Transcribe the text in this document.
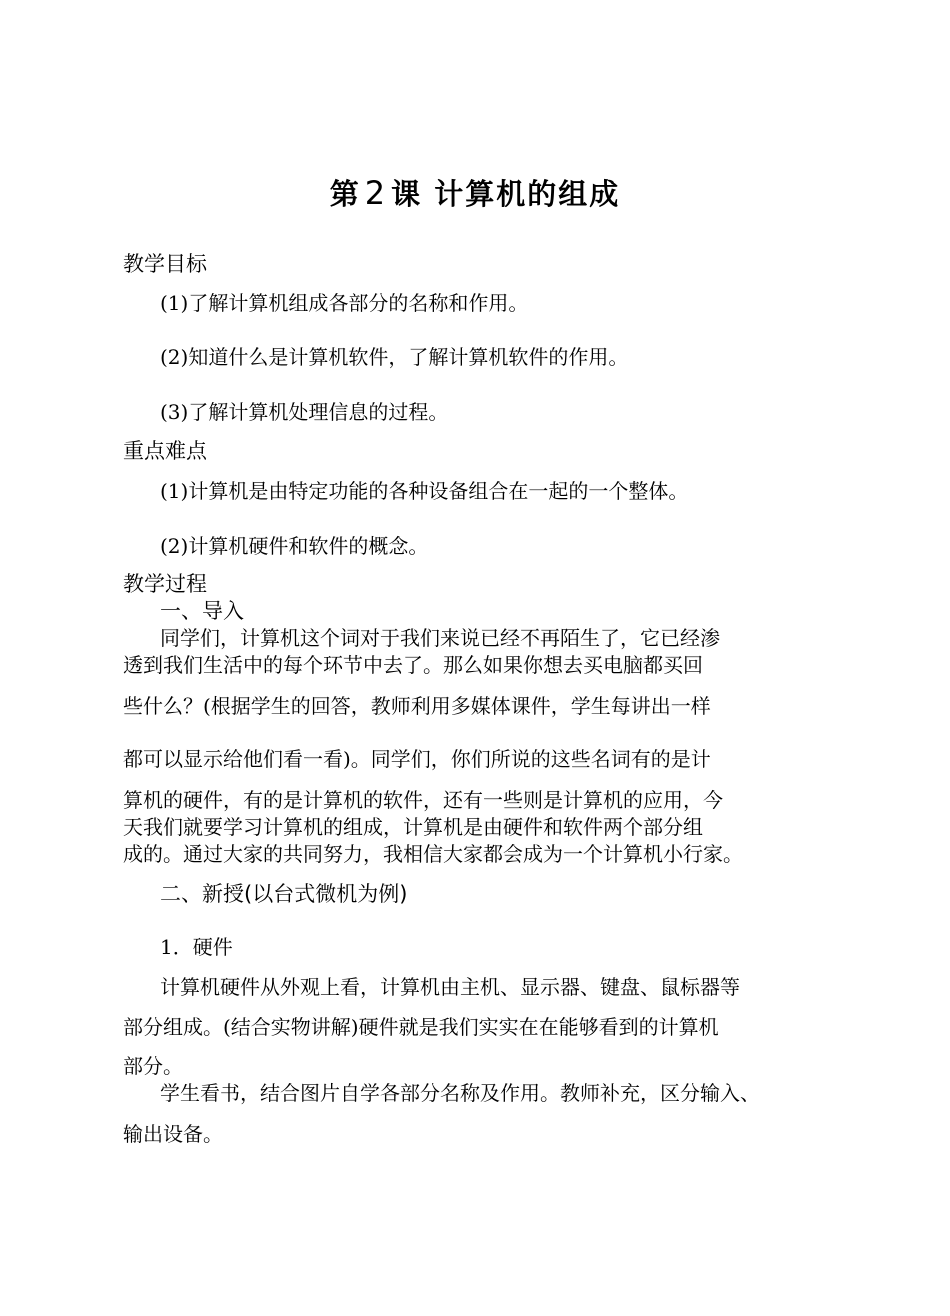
第 2 课 计算机的组成
教学目标
(1)了解计算机组成各部分的名称和作用。
(2)知道什么是计算机软件，了解计算机软件的作用。
(3)了解计算机处理信息的过程。
重点难点
(1)计算机是由特定功能的各种设备组合在一起的一个整体。
(2)计算机硬件和软件的概念。
教学过程
一、导入
同学们，计算机这个词对于我们来说已经不再陌生了，它已经渗
透到我们生活中的每个环节中去了。那么如果你想去买电脑都买回
些什么？(根据学生的回答，教师利用多媒体课件，学生每讲出一样
都可以显示给他们看一看)。同学们，你们所说的这些名词有的是计
算机的硬件，有的是计算机的软件，还有一些则是计算机的应用，今
天我们就要学习计算机的组成，计算机是由硬件和软件两个部分组
成的。通过大家的共同努力，我相信大家都会成为一个计算机小行家。
二、新授(以台式微机为例)
1．硬件
计算机硬件从外观上看，计算机由主机、显示器、键盘、鼠标器等
部分组成。(结合实物讲解)硬件就是我们实实在在能够看到的计算机
部分。
学生看书，结合图片自学各部分名称及作用。教师补充，区分输入、
输出设备。
